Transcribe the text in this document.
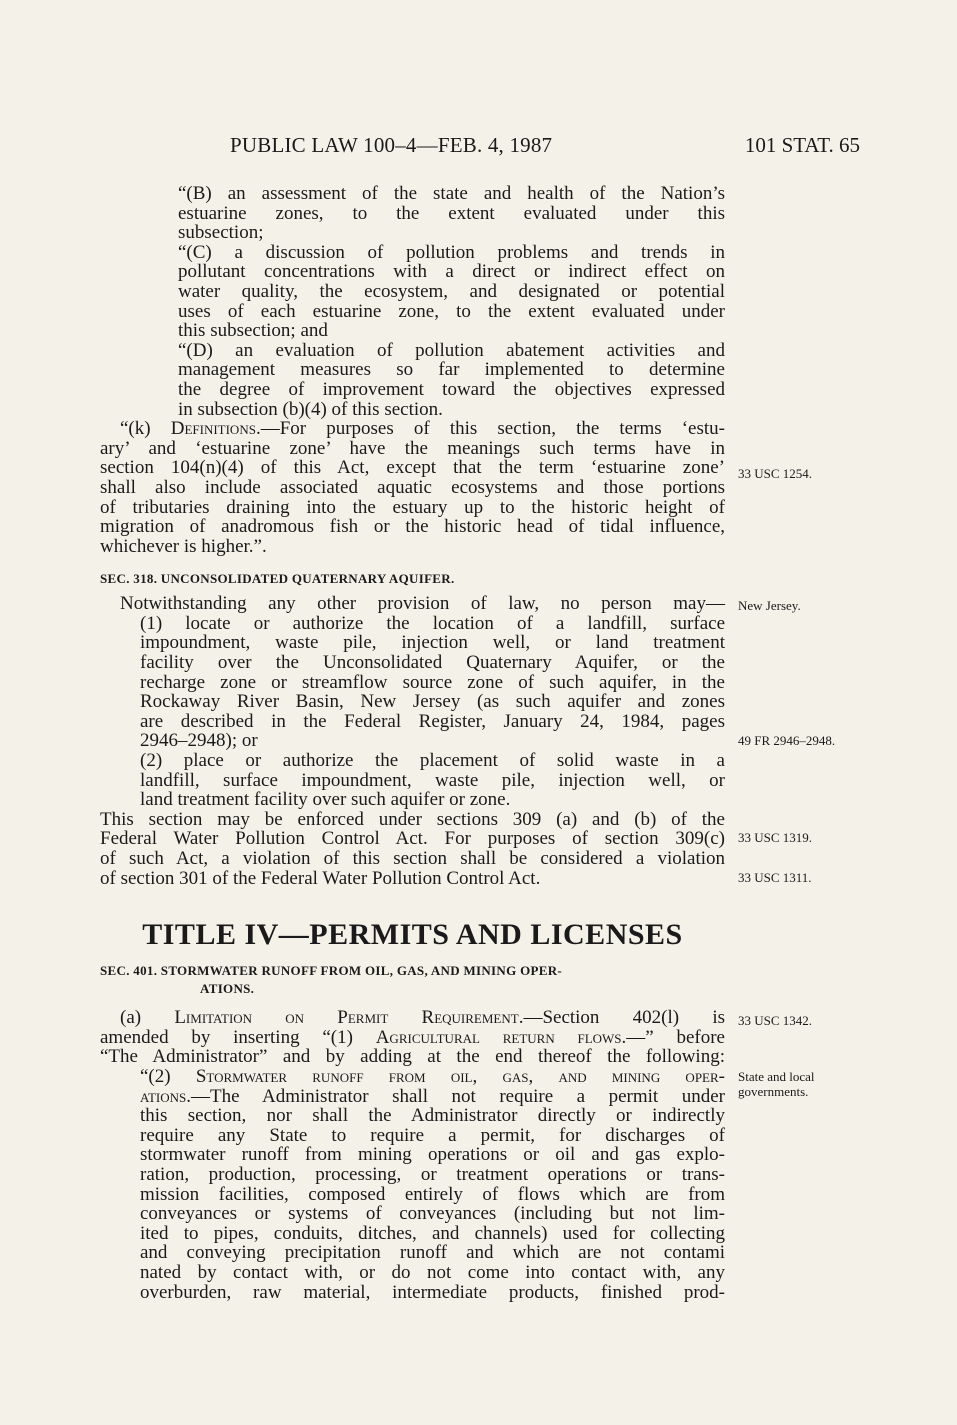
PUBLIC LAW 100–4—FEB. 4, 1987	101 STAT. 65
“(B) an assessment of the state and health of the Nation’s
estuarine zones, to the extent evaluated under this
subsection;
“(C) a discussion of pollution problems and trends in
pollutant concentrations with a direct or indirect effect on
water quality, the ecosystem, and designated or potential
uses of each estuarine zone, to the extent evaluated under
this subsection; and
“(D) an evaluation of pollution abatement activities and
management measures so far implemented to determine
the degree of improvement toward the objectives expressed
in subsection (b)(4) of this section.
“(k) Definitions.—For purposes of this section, the terms ‘estu-
ary’ and ‘estuarine zone’ have the meanings such terms have in
section 104(n)(4) of this Act, except that the term ‘estuarine zone’
shall also include associated aquatic ecosystems and those portions
of tributaries draining into the estuary up to the historic height of
migration of anadromous fish or the historic head of tidal influence,
whichever is higher.”.
SEC. 318. UNCONSOLIDATED QUATERNARY AQUIFER.
Notwithstanding any other provision of law, no person may—
(1) locate or authorize the location of a landfill, surface
impoundment, waste pile, injection well, or land treatment
facility over the Unconsolidated Quaternary Aquifer, or the
recharge zone or streamflow source zone of such aquifer, in the
Rockaway River Basin, New Jersey (as such aquifer and zones
are described in the Federal Register, January 24, 1984, pages
2946–2948); or
(2) place or authorize the placement of solid waste in a
landfill, surface impoundment, waste pile, injection well, or
land treatment facility over such aquifer or zone.
This section may be enforced under sections 309 (a) and (b) of the
Federal Water Pollution Control Act. For purposes of section 309(c)
of such Act, a violation of this section shall be considered a violation
of section 301 of the Federal Water Pollution Control Act.
TITLE IV—PERMITS AND LICENSES
SEC. 401. STORMWATER RUNOFF FROM OIL, GAS, AND MINING OPER-
ATIONS.
(a) Limitation on Permit Requirement.—Section 402(l) is
amended by inserting “(1) Agricultural return flows.—” before
“The Administrator” and by adding at the end thereof the following:
“(2) Stormwater runoff from oil, gas, and mining oper-
ations.—The Administrator shall not require a permit under
this section, nor shall the Administrator directly or indirectly
require any State to require a permit, for discharges of
stormwater runoff from mining operations or oil and gas explo-
ration, production, processing, or treatment operations or trans-
mission facilities, composed entirely of flows which are from
conveyances or systems of conveyances (including but not lim-
ited to pipes, conduits, ditches, and channels) used for collecting
and conveying precipitation runoff and which are not contami
nated by contact with, or do not come into contact with, any
overburden, raw material, intermediate products, finished prod-
33 USC 1254.
New Jersey.
49 FR 2946–2948.
33 USC 1319.
33 USC 1311.
33 USC 1342.
State and local
governments.
